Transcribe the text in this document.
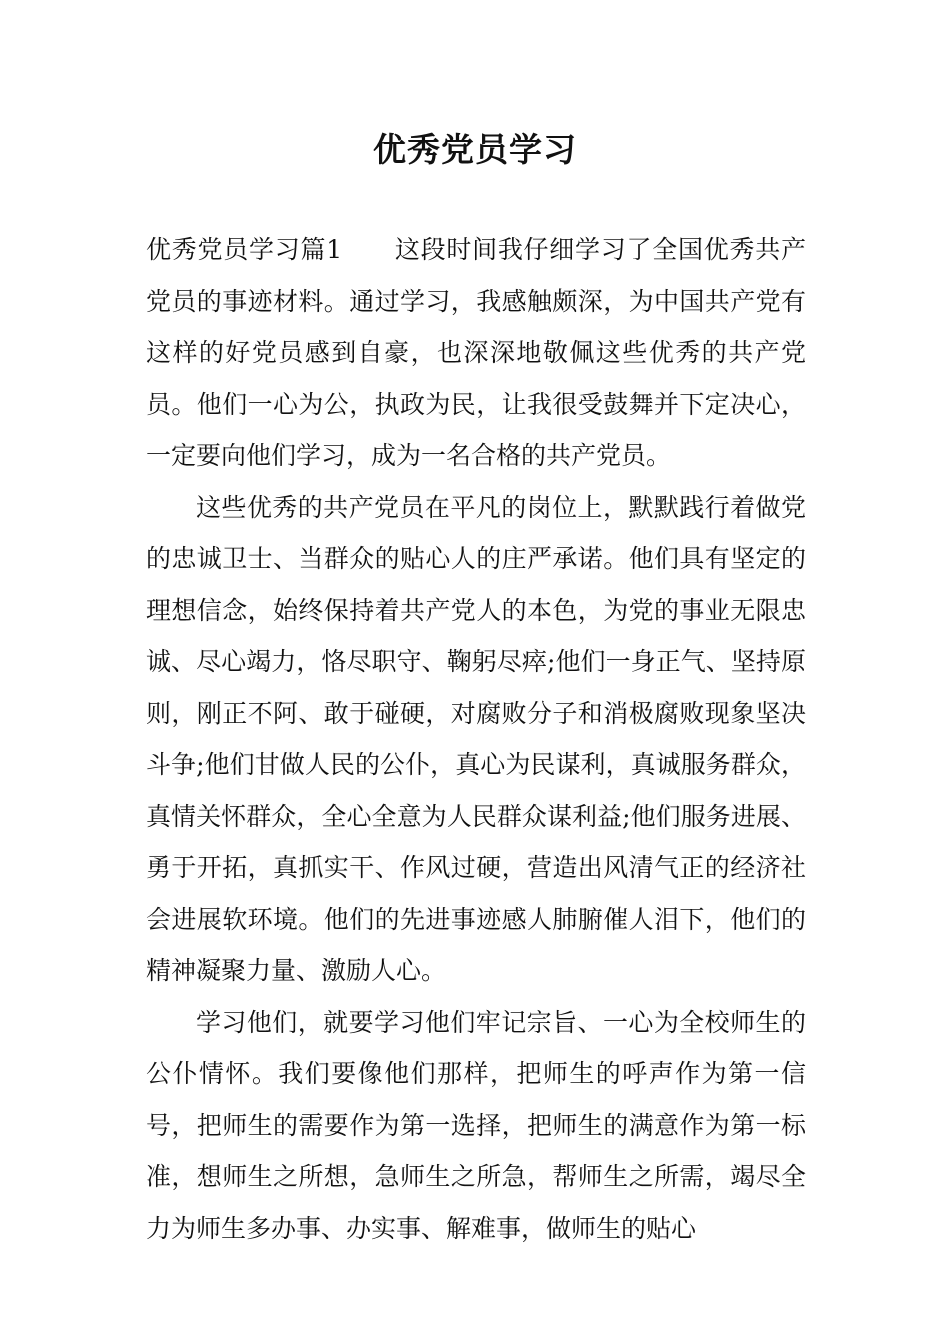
优秀党员学习

优秀党员学习篇1 这段时间我仔细学习了全国优秀共产党员的事迹材料。通过学习，我感触颇深，为中国共产党有这样的好党员感到自豪，也深深地敬佩这些优秀的共产党员。他们一心为公，执政为民，让我很受鼓舞并下定决心，一定要向他们学习，成为一名合格的共产党员。

这些优秀的共产党员在平凡的岗位上，默默践行着做党的忠诚卫士、当群众的贴心人的庄严承诺。他们具有坚定的理想信念，始终保持着共产党人的本色，为党的事业无限忠诚、尽心竭力，恪尽职守、鞠躬尽瘁;他们一身正气、坚持原则，刚正不阿、敢于碰硬，对腐败分子和消极腐败现象坚决斗争;他们甘做人民的公仆，真心为民谋利，真诚服务群众，真情关怀群众，全心全意为人民群众谋利益;他们服务进展、勇于开拓，真抓实干、作风过硬，营造出风清气正的经济社会进展软环境。他们的先进事迹感人肺腑催人泪下，他们的精神凝聚力量、激励人心。

学习他们，就要学习他们牢记宗旨、一心为全校师生的公仆情怀。我们要像他们那样，把师生的呼声作为第一信号，把师生的需要作为第一选择，把师生的满意作为第一标准，想师生之所想，急师生之所急，帮师生之所需，竭尽全力为师生多办事、办实事、解难事，做师生的贴心
